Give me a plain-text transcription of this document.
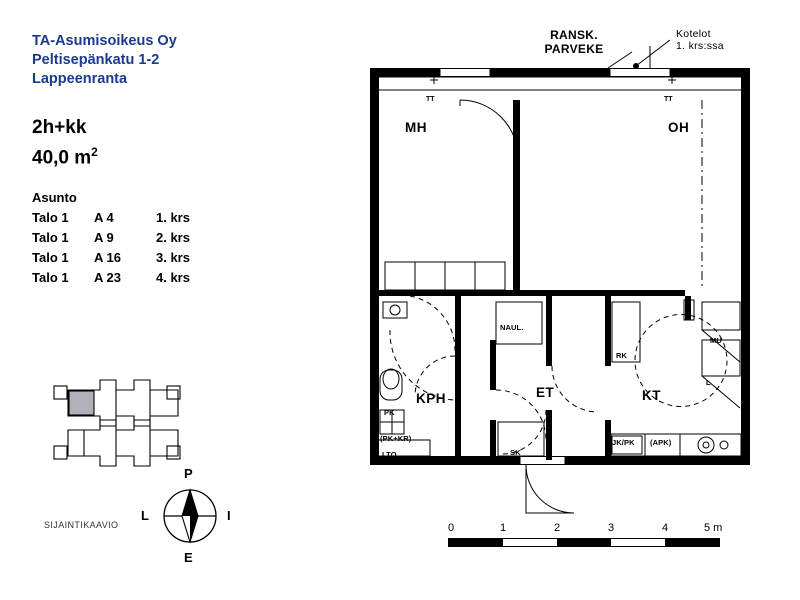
TA-Asumisoikeus Oy
Peltisepänkatu 1-2
Lappeenranta
2h+kk
40,0 $m^2$
Asunto
Talo 1	A 4	1. krs
Talo 1	A 9	2. krs
Talo 1	A 16	3. krs
Talo 1	A 23	4. krs
SIJAINTIKAAVIO
P
L	I
E
RANSK.
PARVEKE
Kotelot
1. krs:ssa
TT	TT
MH	OH
KPH	ET	KT
NAUL.
RK
MU
L
(PK+KR)
LTQ
PK
SK
JK/PK (APK)
0	1	2	3	4	5 m
